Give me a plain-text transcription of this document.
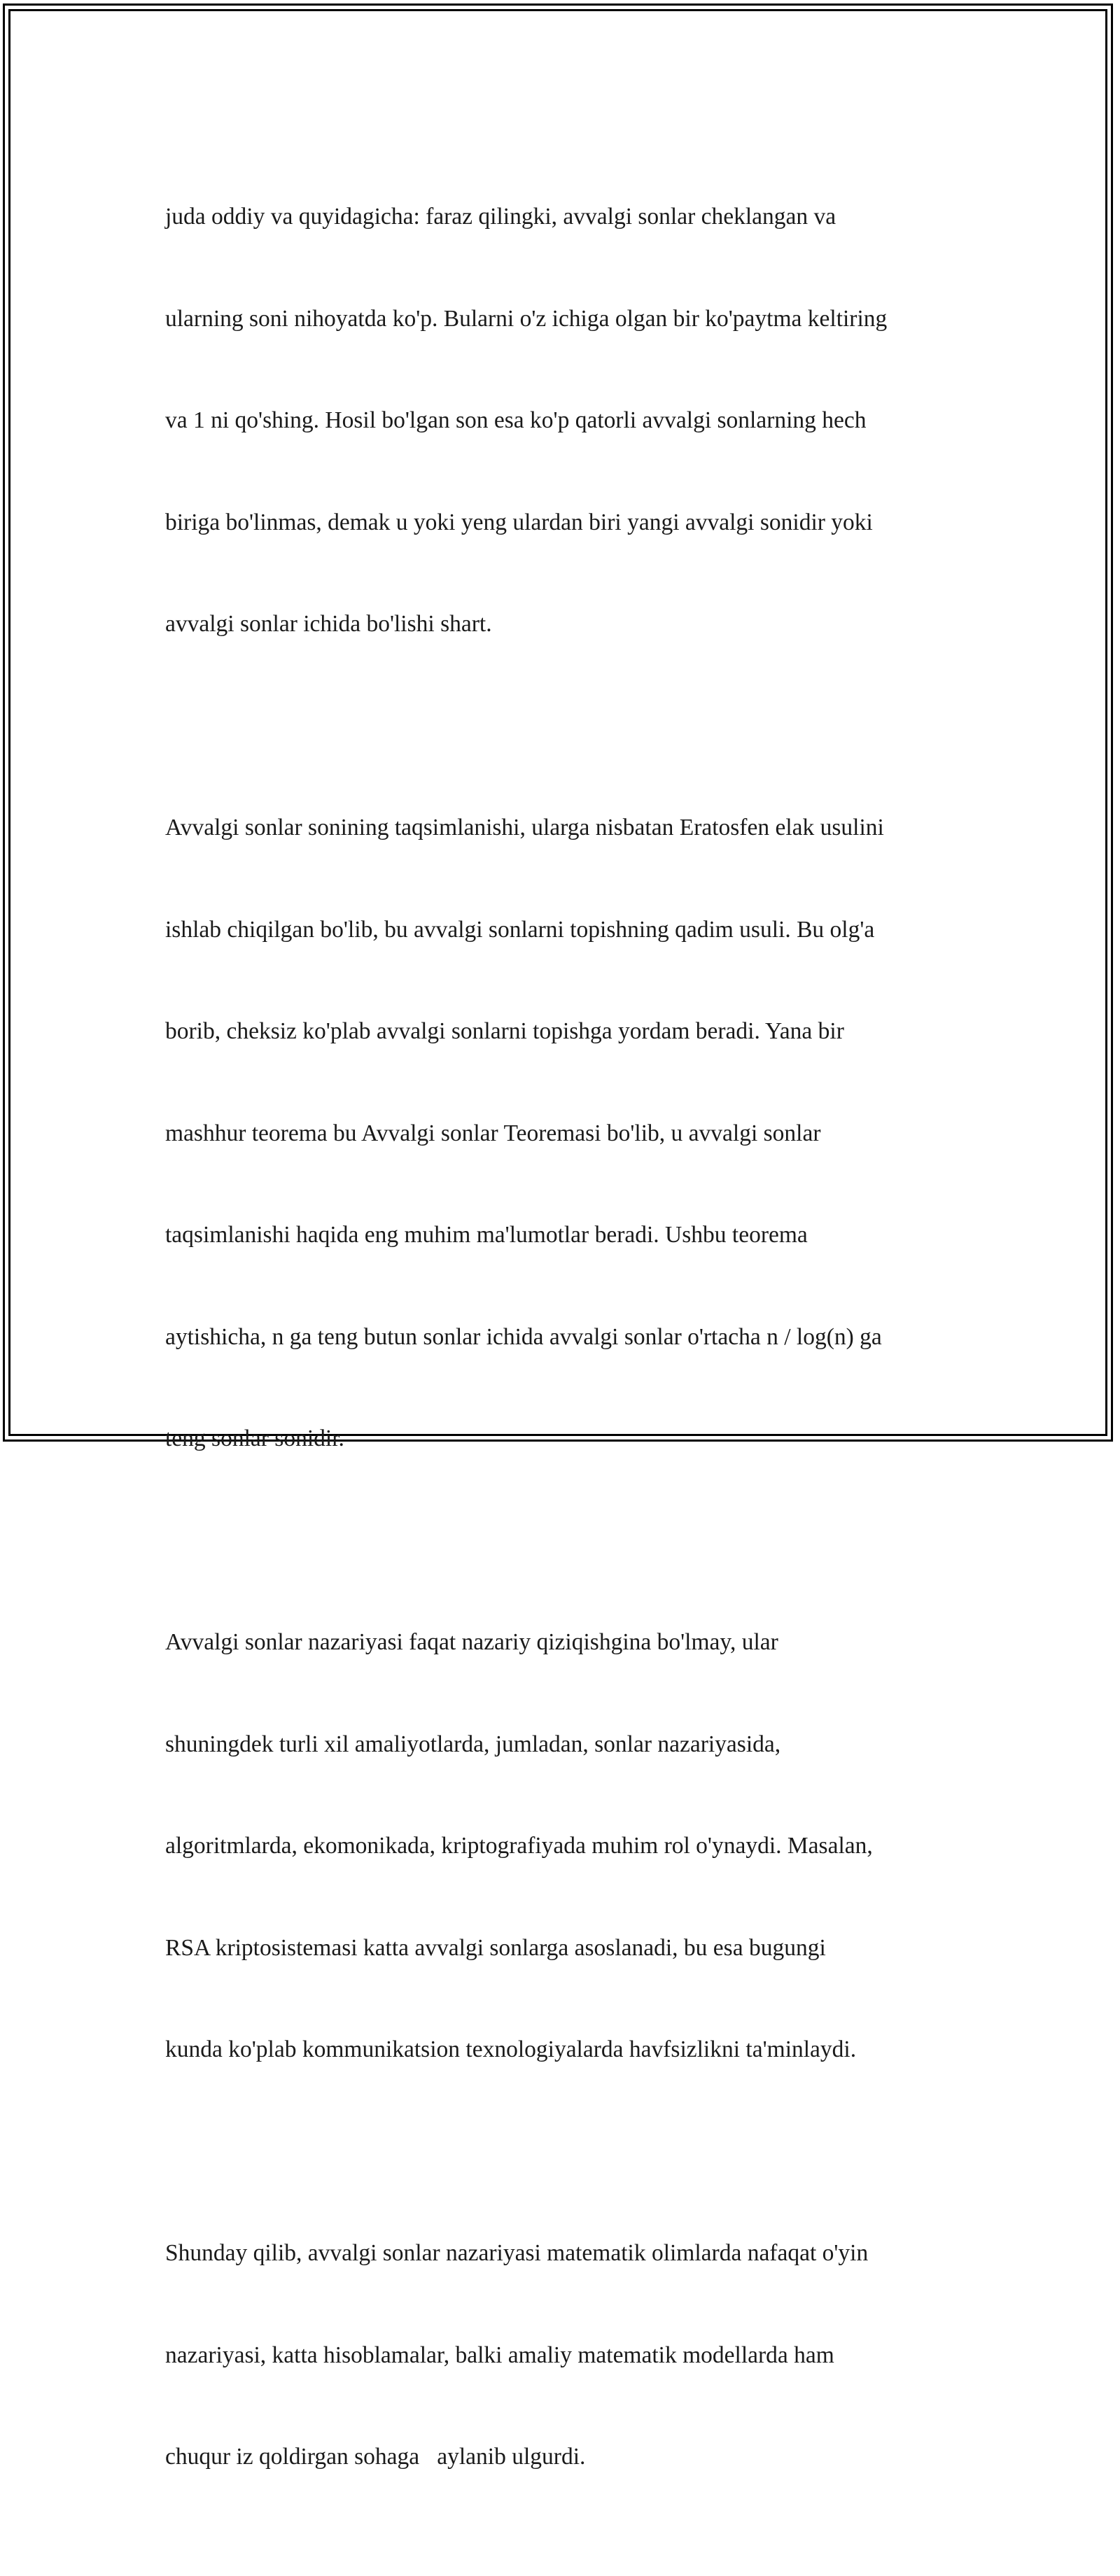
juda oddiy va quyidagicha: faraz qilingki, avvalgi sonlar cheklangan va

ularning soni nihoyatda ko'p. Bularni o'z ichiga olgan bir ko'paytma keltiring

va 1 ni qo'shing. Hosil bo'lgan son esa ko'p qatorli avvalgi sonlarning hech

biriga bo'linmas, demak u yoki yeng ulardan biri yangi avvalgi sonidir yoki

avvalgi sonlar ichida bo'lishi shart.

Avvalgi sonlar sonining taqsimlanishi, ularga nisbatan Eratosfen elak usulini

ishlab chiqilgan bo'lib, bu avvalgi sonlarni topishning qadim usuli. Bu olg'a

borib, cheksiz ko'plab avvalgi sonlarni topishga yordam beradi. Yana bir

mashhur teorema bu Avvalgi sonlar Teoremasi bo'lib, u avvalgi sonlar

taqsimlanishi haqida eng muhim ma'lumotlar beradi. Ushbu teorema

aytishicha, n ga teng butun sonlar ichida avvalgi sonlar o'rtacha n / log(n) ga

teng sonlar sonidir.

Avvalgi sonlar nazariyasi faqat nazariy qiziqishgina bo'lmay, ular

shuningdek turli xil amaliyotlarda, jumladan, sonlar nazariyasida,

algoritmlarda, ekomonikada, kriptografiyada muhim rol o'ynaydi. Masalan,

RSA kriptosistemasi katta avvalgi sonlarga asoslanadi, bu esa bugungi

kunda ko'plab kommunikatsion texnologiyalarda havfsizlikni ta'minlaydi.

Shunday qilib, avvalgi sonlar nazariyasi matematik olimlarda nafaqat o'yin

nazariyasi, katta hisoblamalar, balki amaliy matematik modellarda ham

chuqur iz qoldirgan sohaga   aylanib ulgurdi.
